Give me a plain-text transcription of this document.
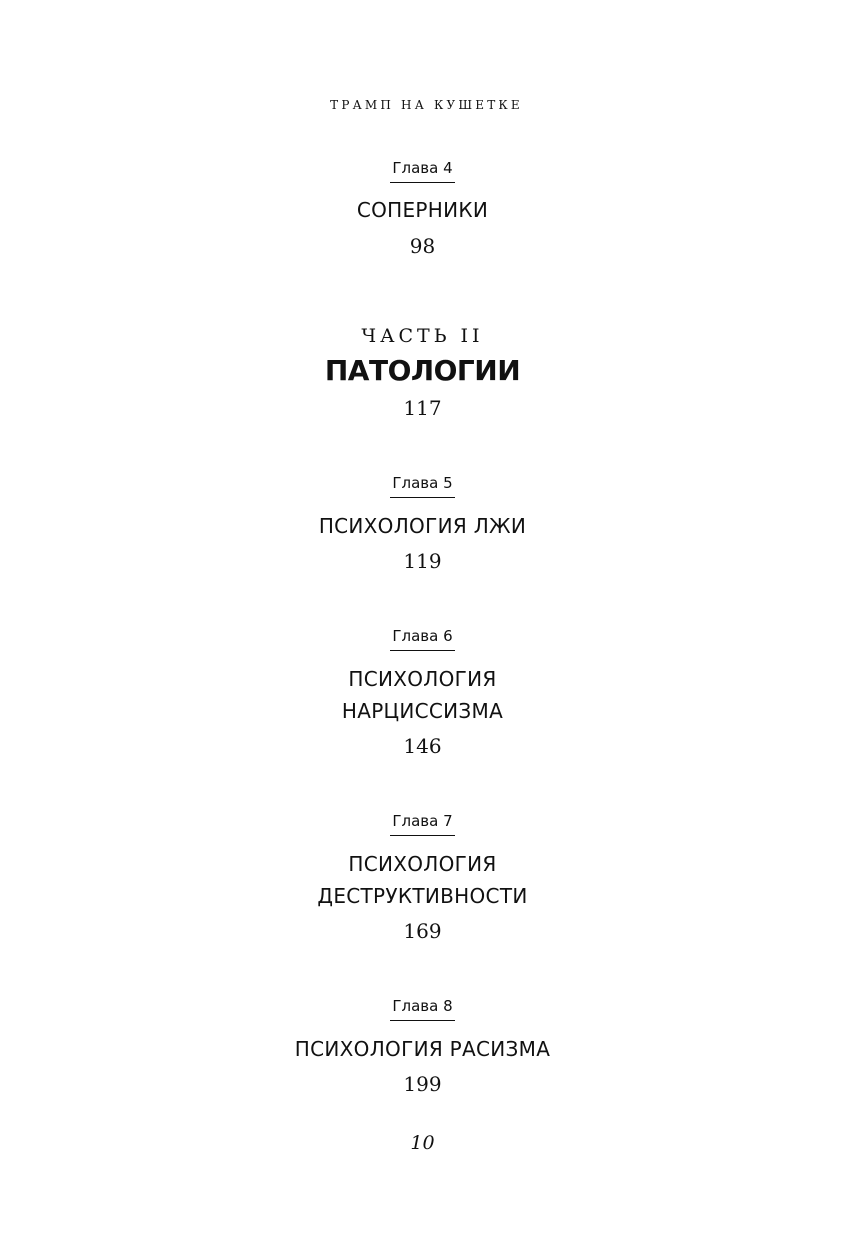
ТРАМП НА КУШЕТКЕ

Глава 4

СОПЕРНИКИ

98

ЧАСТЬ II

ПАТОЛОГИИ

117

Глава 5

ПСИХОЛОГИЯ ЛЖИ

119

Глава 6

ПСИХОЛОГИЯ

НАРЦИССИЗМА

146

Глава 7

ПСИХОЛОГИЯ

ДЕСТРУКТИВНОСТИ

169

Глава 8

ПСИХОЛОГИЯ РАСИЗМА

199

10
